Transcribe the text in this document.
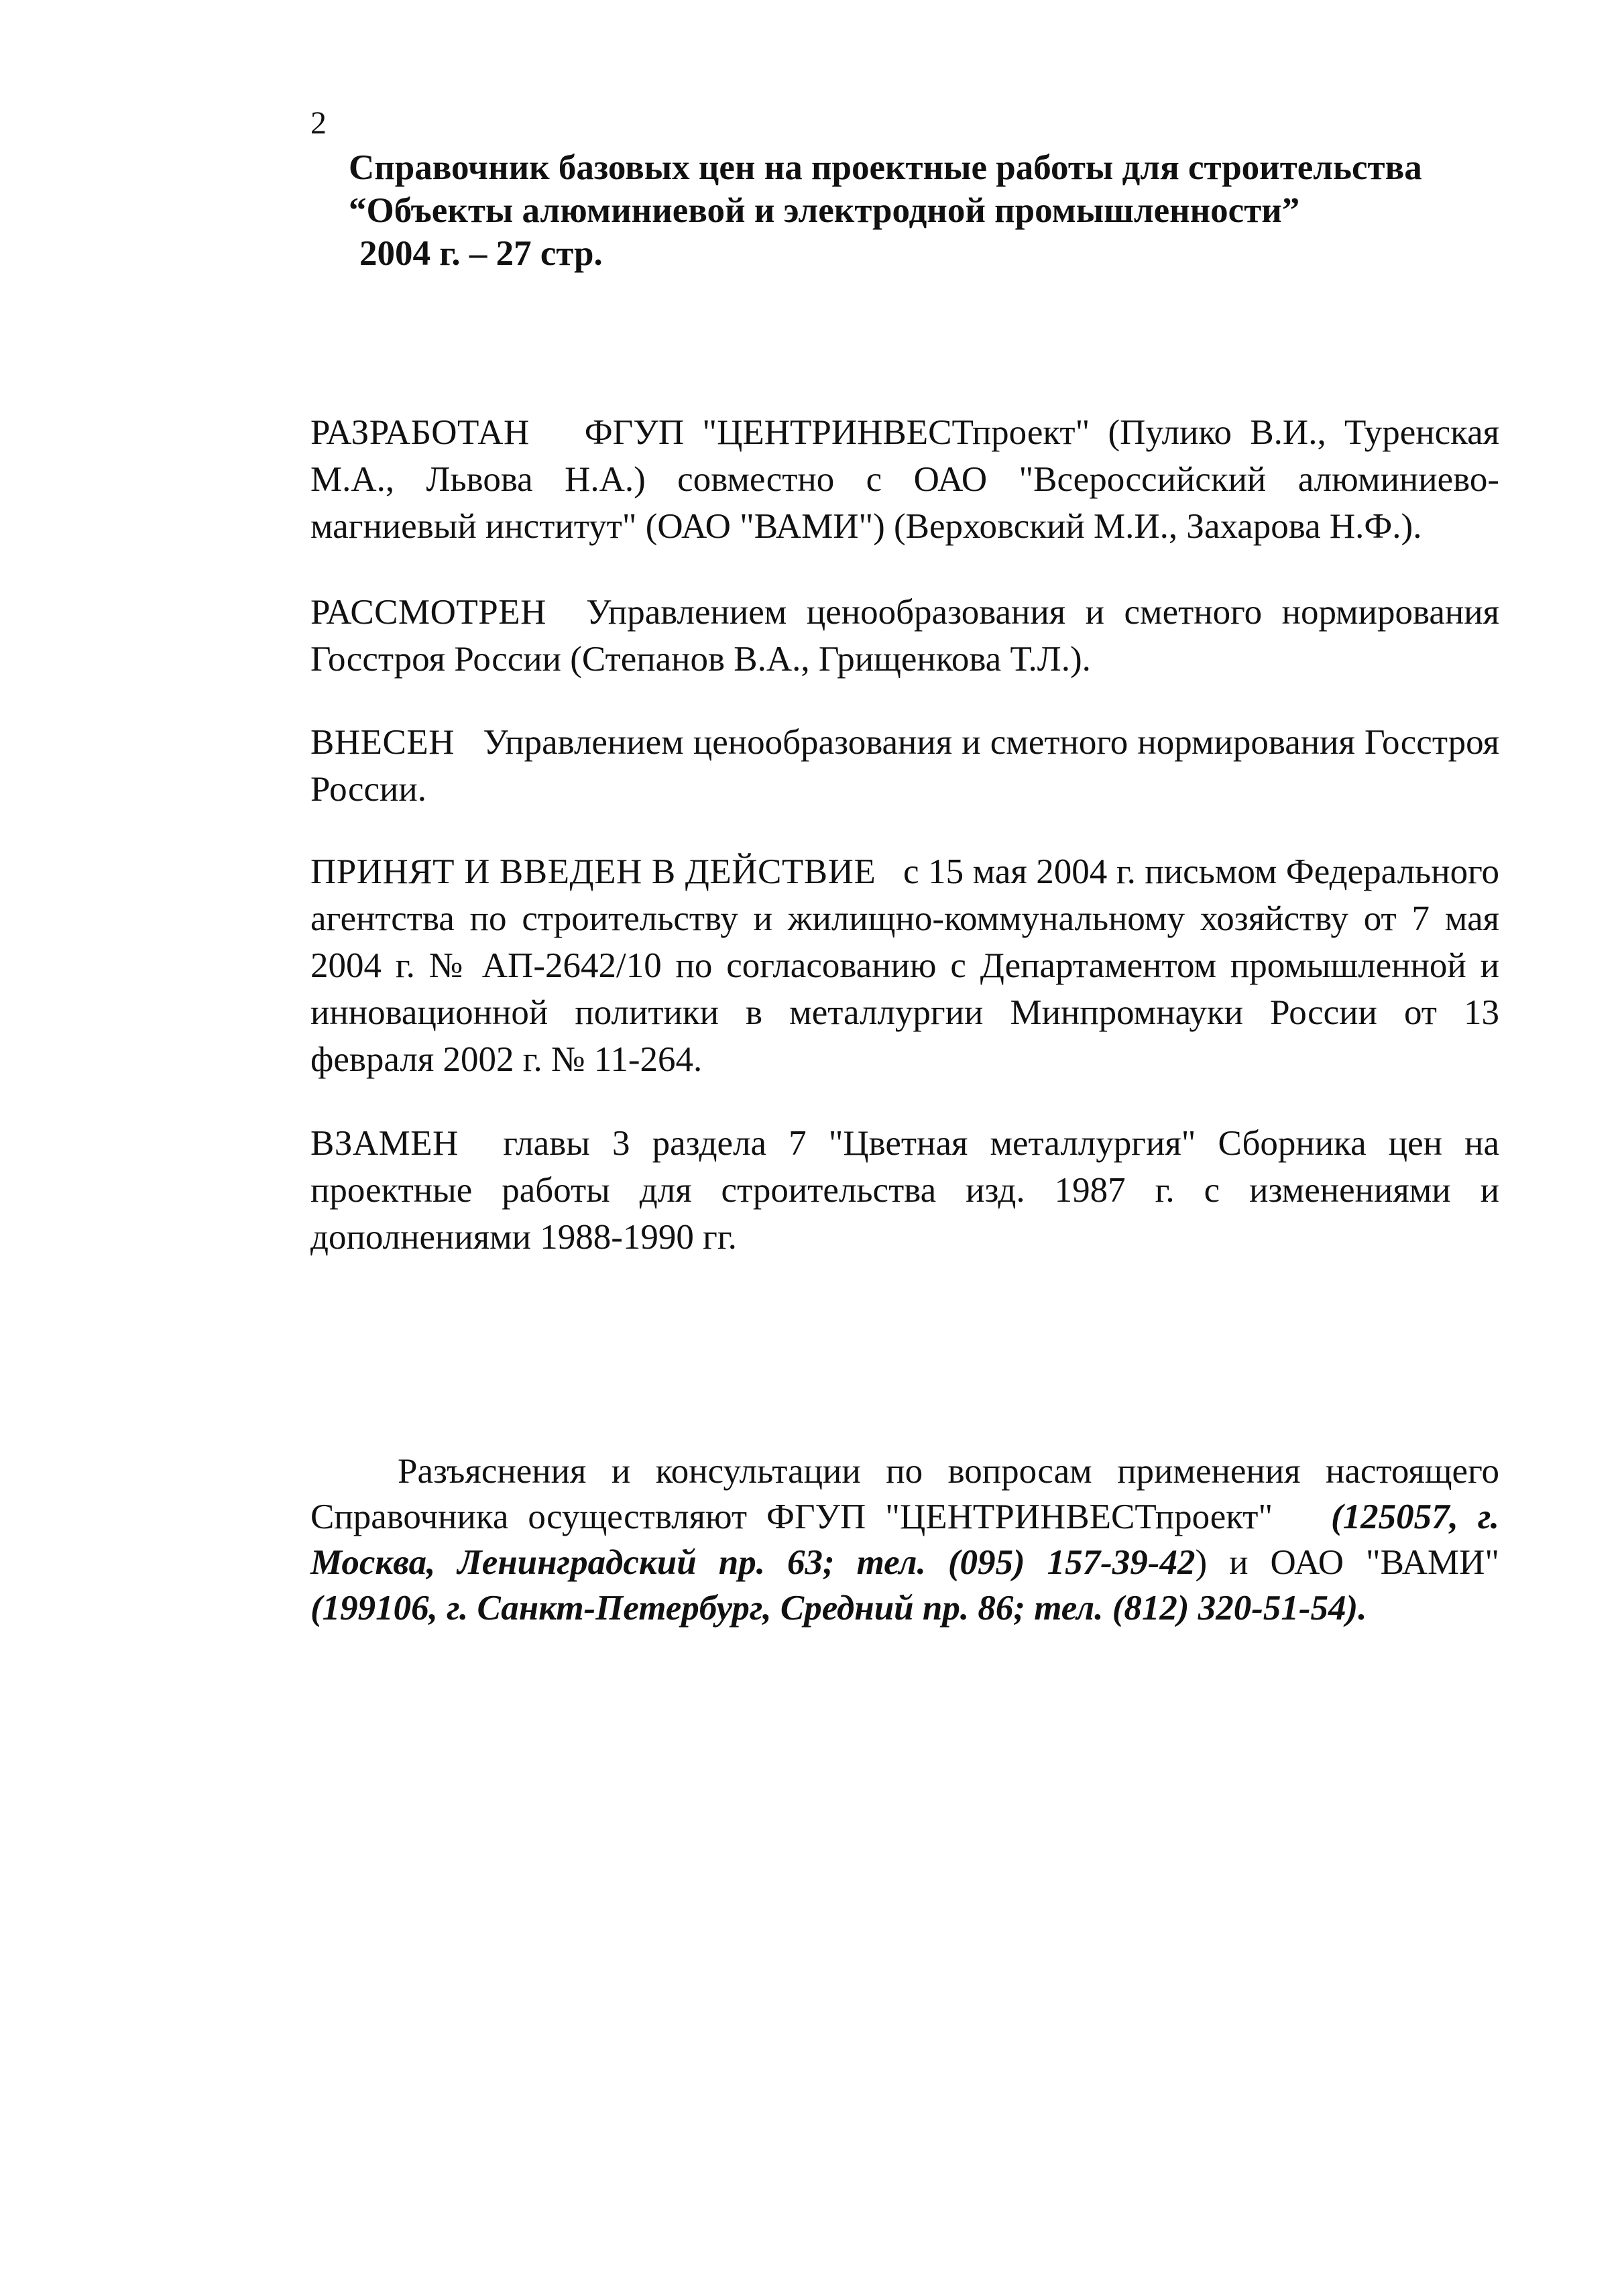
2
Справочник базовых цен на проектные работы для строительства
“Объекты алюминиевой и электродной промышленности”
2004 г. – 27 стр.
РАЗРАБОТАН ФГУП "ЦЕНТРИНВЕСТпроект" (Пулико В.И., Туренская М.А., Львова Н.А.) совместно с ОАО "Всероссийский алюминиево-магниевый институт" (ОАО "ВАМИ") (Верховский М.И., Захарова Н.Ф.).
РАССМОТРЕН Управлением ценообразования и сметного нормирования Госстроя России (Степанов В.А., Грищенкова Т.Л.).
ВНЕСЕН Управлением ценообразования и сметного нормирования Госстроя России.
ПРИНЯТ И ВВЕДЕН В ДЕЙСТВИЕ с 15 мая 2004 г. письмом Федерального агентства по строительству и жилищно-коммунальному хозяйству от 7 мая 2004 г. № АП-2642/10 по согласованию с Департаментом промышленной и инновационной политики в металлургии Минпромнауки России от 13 февраля 2002 г. № 11-264.
ВЗАМЕН главы 3 раздела 7 "Цветная металлургия" Сборника цен на проектные работы для строительства изд. 1987 г. с изменениями и дополнениями 1988-1990 гг.
Разъяснения и консультации по вопросам применения настоящего Справочника осуществляют ФГУП "ЦЕНТРИНВЕСТпроект" (125057, г. Москва, Ленинградский пр. 63; тел. (095) 157-39-42) и ОАО "ВАМИ" (199106, г. Санкт-Петербург, Средний пр. 86; тел. (812) 320-51-54).
